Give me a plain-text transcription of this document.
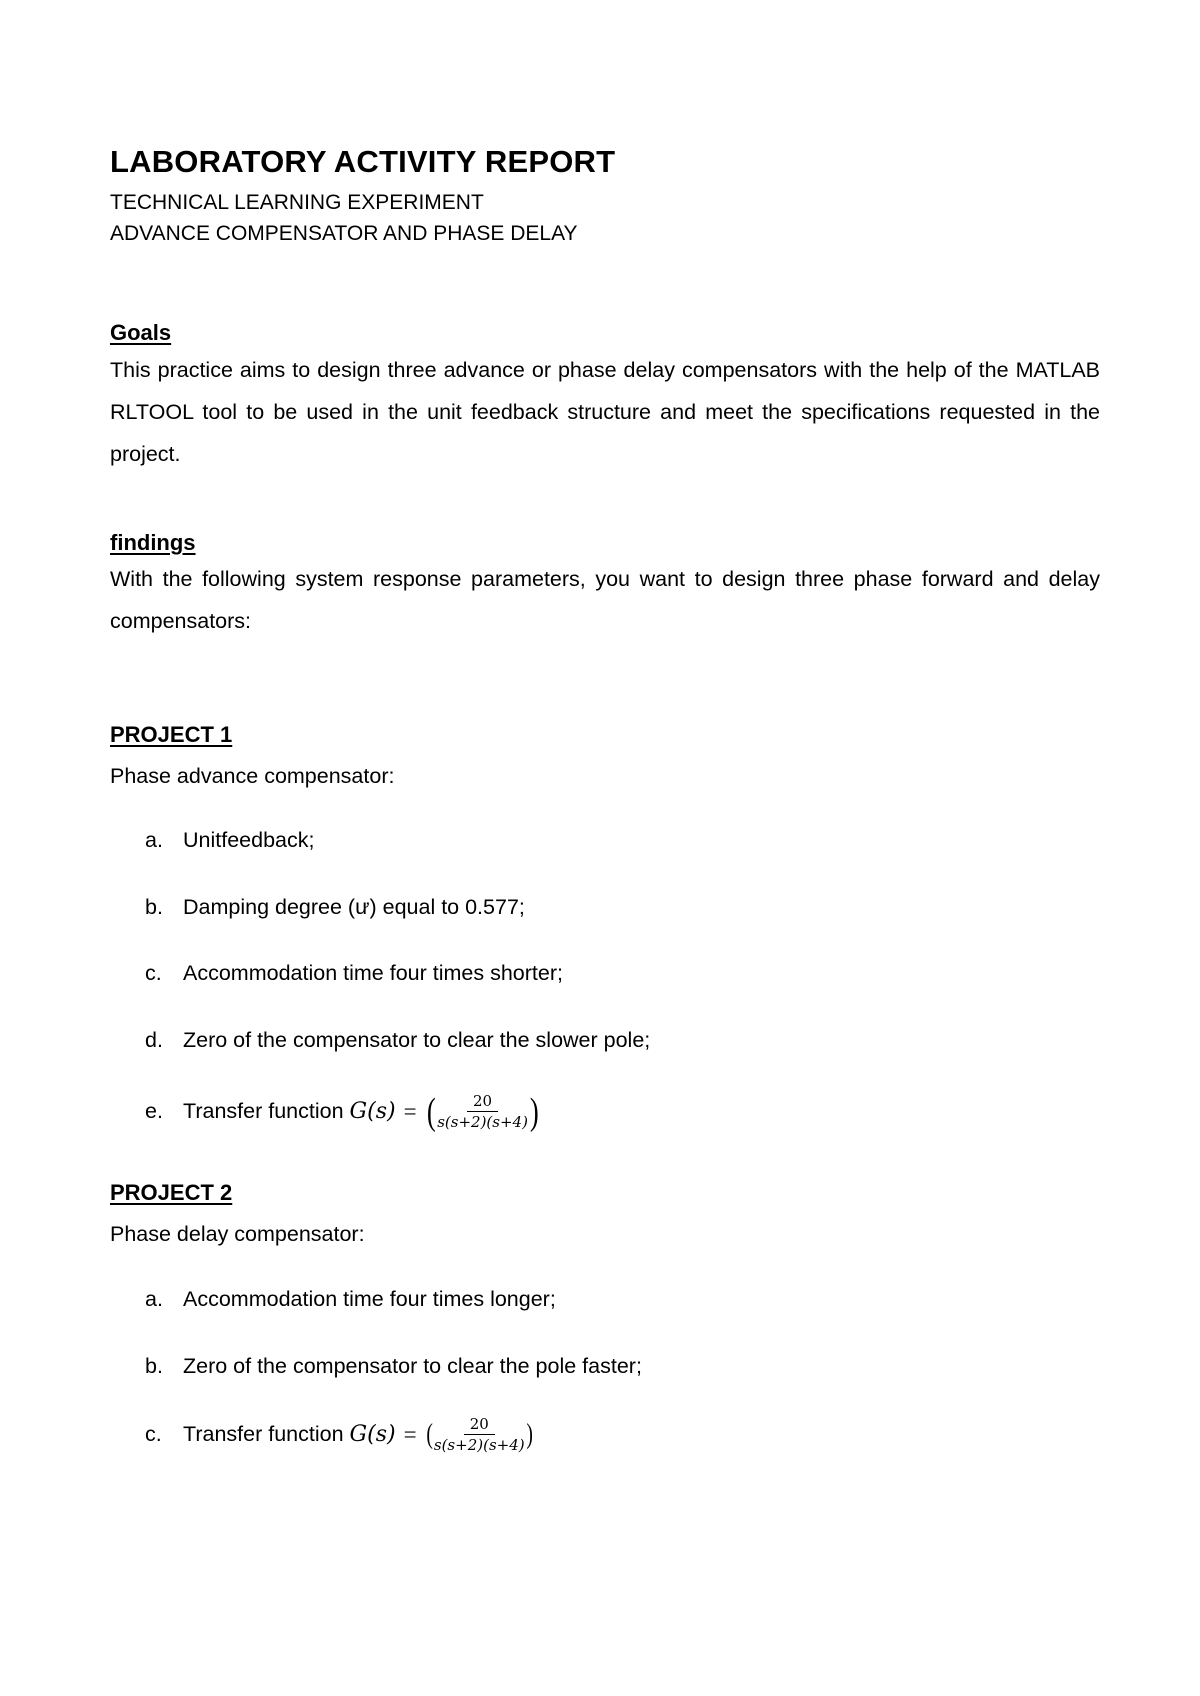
LABORATORY ACTIVITY REPORT
TECHNICAL LEARNING EXPERIMENT
ADVANCE COMPENSATOR AND PHASE DELAY
Goals
This practice aims to design three advance or phase delay compensators with the help of the MATLAB RLTOOL tool to be used in the unit feedback structure and meet the specifications requested in the project.
findings
With the following system response parameters, you want to design three phase forward and delay compensators:
PROJECT 1
Phase advance compensator:
a. Unitfeedback;
b. Damping degree (ư) equal to 0.577;
c. Accommodation time four times shorter;
d. Zero of the compensator to clear the slower pole;
e. Transfer function G(s) = ( $\frac{20}{s(s+2)(s+4)}$ )
PROJECT 2
Phase delay compensator:
a. Accommodation time four times longer;
b. Zero of the compensator to clear the pole faster;
c. Transfer function G(s) = ( $\frac{20}{s(s+2)(s+4)}$ )
